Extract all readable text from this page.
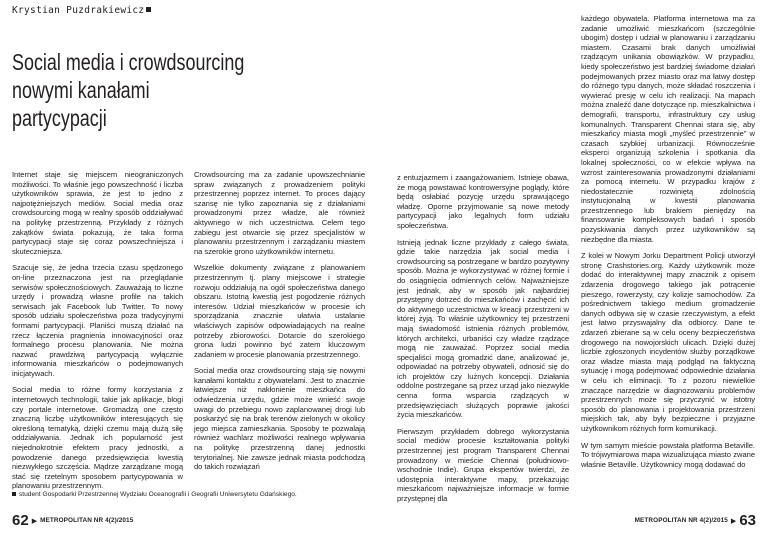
Krystian Puzdrakiewicz
Social media i crowdsourcing
nowymi kanałami
partycypacji

Internet staje się miejscem nieograniczonych możliwości. To właśnie jego powszechność i liczba użytkowników sprawia, że jest to jedno z najpotężniejszych mediów. Social media oraz crowdsourcing mogą w realny sposób oddziaływać na politykę przestrzenną. Przykłady z różnych zakątków świata pokazują, że taka forma partycypacji staje się coraz powszechniejsza i skuteczniejsza.

Szacuje się, że jedna trzecia czasu spędzonego on-line przeznaczona jest na przeglądanie serwisów społecznościowych. Zauważają to liczne urzędy i prowadzą własne profile na takich serwisach jak Facebook lub Twitter. To nowy sposób udziału społeczeństwa poza tradycyjnymi formami partycypacji. Planiści muszą działać na rzecz łączenia pragnienia innowacyjności oraz formalnego procesu planowania. Nie można nazwać prawdziwą partycypacją wyłącznie informowania mieszkańców o podejmowanych inicjatywach.

Social media to różne formy korzystania z internetowych technologii, takie jak aplikacje, blogi czy portale internetowe. Gromadzą one często znaczną liczbę użytkowników interesujących się określoną tematyką, dzięki czemu mają dużą siłę oddziaływania. Jednak ich popularność jest niejednokrotnie efektem pracy jednostki, a powodzenie danego przedsięwzięcia kwestią niezwykłego szczęścia. Mądrze zarządzane mogą stać się rzetelnym sposobem partycypowania w planowaniu przestrzennym.

Crowdsourcing ma za zadanie upowszechnianie spraw związanych z prowadzeniem polityki przestrzennej poprzez internet. To proces dający szansę nie tylko zapoznania się z działaniami prowadzonymi przez władze, ale również aktywnego w nich uczestnictwa. Celem tego zabiegu jest otwarcie się przez specjalistów w planowaniu przestrzennym i zarządzaniu miastem na szerokie grono użytkowników internetu.

Wszelkie dokumenty związane z planowaniem przestrzennym tj. plany miejscowe i strategie rozwoju oddziałują na ogół społeczeństwa danego obszaru. Istotną kwestią jest pogodzenie różnych interesów. Udział mieszkańców w procesie ich sporządzania znacznie ułatwia ustalanie właściwych zapisów odpowiadających na realne potrzeby zbiorowości. Dotarcie do szerokiego grona ludzi powinno być zatem kluczowym zadaniem w procesie planowania przestrzennego.

Social media oraz crowdsourcing stają się nowymi kanałami kontaktu z obywatelami. Jest to znacznie łatwiejsze niż nakłonienie mieszkańca do odwiedzenia urzędu, gdzie może wnieść swoje uwagi do przebiegu nowo zaplanowanej drogi lub poskarżyć się na brak terenów zielonych w okolicy jego miejsca zamieszkania. Sposoby te pozwalają również wachlarz możliwości realnego wpływania na politykę przestrzenną danej jednostki terytorialnej. Nie zawsze jednak miasta podchodzą do takich rozwiązań

student Gospodarki Przestrzennej Wydziału Oceanografii i Geografii Uniwersytetu Gdańskiego.
62 ▶ METROPOLITAN NR 4(2)/2015

z entuzjazmem i zaangażowaniem. Istnieje obawa, że mogą powstawać kontrowersyjne poglądy, które będą osłabiać pozycję urzędu sprawującego władzę. Oporne przyjmowanie są nowe metody partycypacji jako legalnych form udziału społeczeństwa.

Istnieją jednak liczne przykłady z całego świata, gdzie takie narzędzia jak social media i crowdsourcing są postrzegane w bardzo pozytywny sposób. Można je wykorzystywać w różnej formie i do osiągnięcia odmiennych celów. Najważniejsze jest jednak, aby w sposób jak najbardziej przystępny dotrzeć do mieszkańców i zachęcić ich do aktywnego uczestnictwa w kreacji przestrzeni w której żyją. To właśnie użytkownicy tej przestrzeni mają świadomość istnienia różnych problemów, których architekci, urbaniści czy władze rządzące mogą nie zauważać. Poprzez social media specjaliści mogą gromadzić dane, analizować je, odpowiadać na potrzeby obywateli, odnosić się do ich projektów czy lużnych koncepcji. Działania oddolne postrzegane są przez urząd jako niezwykle cenna forma wsparcia rządzących w przedsięwzięciach służących poprawie jakości życia mieszkańców.

Pierwszym przykładem dobrego wykorzystania social mediów procesie kształtowania polityki przestrzennej jest program Transparent Chennai prowadzony w mieście Chennai (południowo-wschodnie Indie). Grupa ekspertów twierdzi, że udostępnia interaktywne mapy, przekazując mieszkańcom najważniejsze informacje w formie przystępnej dla

każdego obywatela. Platforma internetowa ma za zadanie umożliwić mieszkańcom (szczególnie ubogim) dostęp i udział w planowaniu i zarządzaniu miastem. Czasami brak danych umożliwiał rządzącym unikania obowiązków. W przypadku, kiedy społeczeństwo jest bardziej świadome działań podejmowanych przez miasto oraz ma łatwy dostęp do różnego typu danych, może składać roszczenia i wywierać presję w celu ich realizacji. Na mapach można znaleźć dane dotyczące np. mieszkalnictwa i demografii, transportu, infrastruktury czy usług komunalnych. Transparent Chennai stara się, aby mieszkańcy miasta mogli „myśleć przestrzennie” w czasach szybkiej urbanizacji. Równocześnie eksperci organizują szkolenia i spotkania dla lokalnej społeczności, co w efekcie wpływa na wzrost zainteresowania prowadzonymi działaniami za pomocą internetu. W przypadku krajów z niedostatecznie rozwiniętą zdolnością instytucjonalną w kwestii planowania przestrzennego lub brakiem pieniędzy na finansowanie kompleksowych badań i sposób pozyskiwania danych przez użytkowników są niezbędne dla miasta.

Z kolei w Nowym Jorku Department Policji utworzył stronę Crashstories.org. Każdy użytkownik może dodać do interaktywnej mapy znacznik z opisem zdarzenia drogowego takiego jak potrącenie pieszego, rowerzysty, czy kolizje samochodów. Za pośrednictwem takiego medium gromadzenie danych odbywa się w czasie rzeczywistym, a efekt jest łatwo przyswajalny dla odbiorcy. Dane te zdarzeń zbierane są w celu oceny bezpieczeństwa drogowego na nowojorskich ulicach. Dzięki dużej liczbie zgłoszonych incydentów służby porządkowe oraz władze miasta mają podgląd na faktyczną sytuację i mogą podejmować odpowiednie działania w celu ich eliminacji. To z pozoru niewielkie znaczące narzędzie w diagnozowaniu problemów przestrzennych może się przyczynić w istotny sposób do planowania i projektowania przestrzeni miejskich tak, aby były bezpieczne i przyjazne użytkownikom różnych form komunikacji.

W tym samym mieście powstała platforma Betaville. To trójwymiarowa mapa wizualizująca miasto zwane właśnie Betaville. Użytkownicy mogą dodawać do

METROPOLITAN NR 4(2)/2015 ▶ 63
